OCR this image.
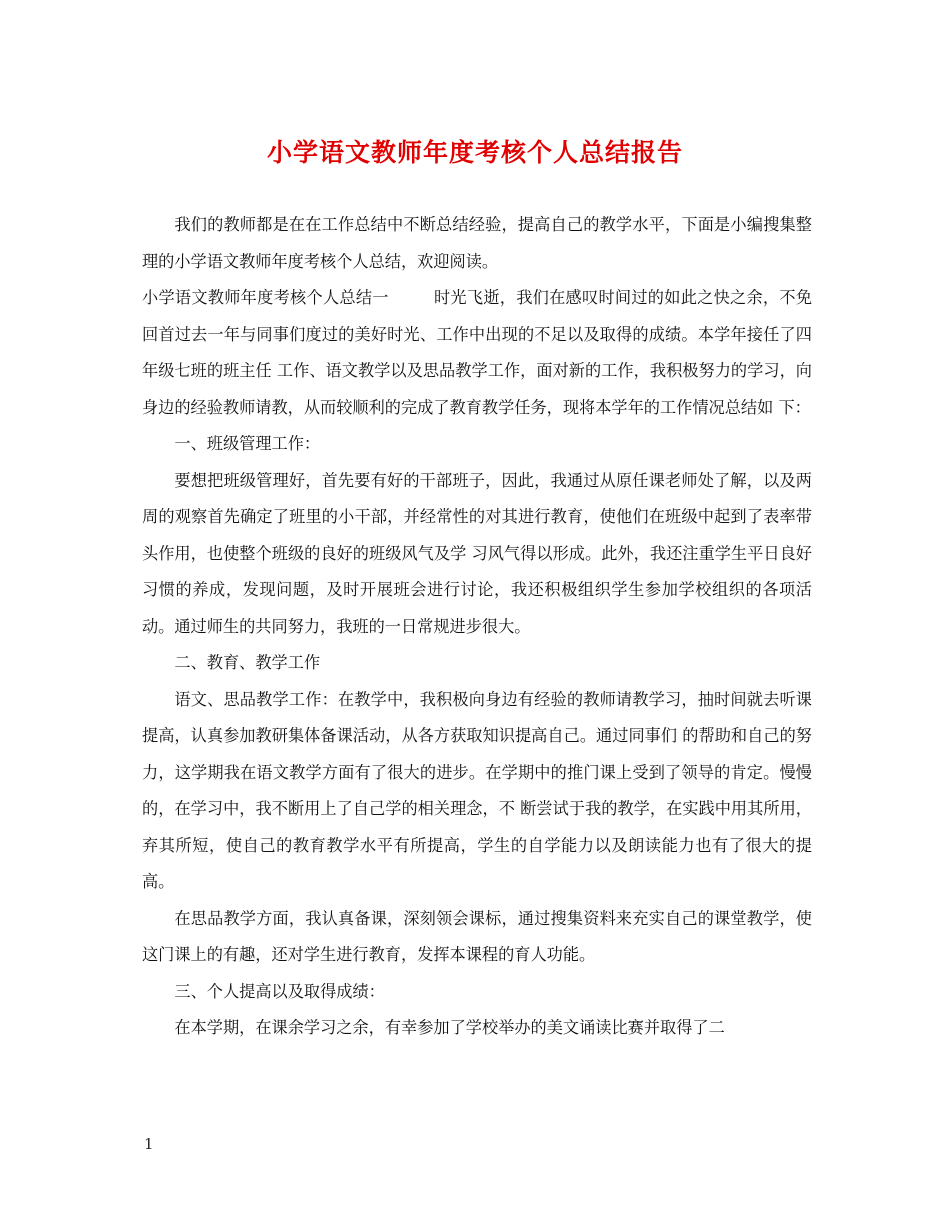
小学语文教师年度考核个人总结报告

我们的教师都是在在工作总结中不断总结经验，提高自己的教学水平，下面是小编搜集整理的小学语文教师年度考核个人总结，欢迎阅读。

小学语文教师年度考核个人总结一	时光飞逝，我们在感叹时间过的如此之快之余，不免回首过去一年与同事们度过的美好时光、工作中出现的不足以及取得的成绩。本学年接任了四年级七班的班主任 工作、语文教学以及思品教学工作，面对新的工作，我积极努力的学习，向身边的经验教师请教，从而较顺利的完成了教育教学任务，现将本学年的工作情况总结如 下：

一、班级管理工作：

要想把班级管理好，首先要有好的干部班子，因此，我通过从原任课老师处了解，以及两周的观察首先确定了班里的小干部，并经常性的对其进行教育，使他们在班级中起到了表率带头作用，也使整个班级的良好的班级风气及学 习风气得以形成。此外，我还注重学生平日良好习惯的养成，发现问题，及时开展班会进行讨论，我还积极组织学生参加学校组织的各项活动。通过师生的共同努力，我班的一日常规进步很大。

二、教育、教学工作

语文、思品教学工作：在教学中，我积极向身边有经验的教师请教学习，抽时间就去听课提高，认真参加教研集体备课活动，从各方获取知识提高自己。通过同事们 的帮助和自己的努力，这学期我在语文教学方面有了很大的进步。在学期中的推门课上受到了领导的肯定。慢慢的，在学习中，我不断用上了自己学的相关理念，不 断尝试于我的教学，在实践中用其所用，弃其所短，使自己的教育教学水平有所提高，学生的自学能力以及朗读能力也有了很大的提高。

在思品教学方面，我认真备课，深刻领会课标，通过搜集资料来充实自己的课堂教学，使这门课上的有趣，还对学生进行教育，发挥本课程的育人功能。

三、个人提高以及取得成绩：

在本学期，在课余学习之余，有幸参加了学校举办的美文诵读比赛并取得了二

1
